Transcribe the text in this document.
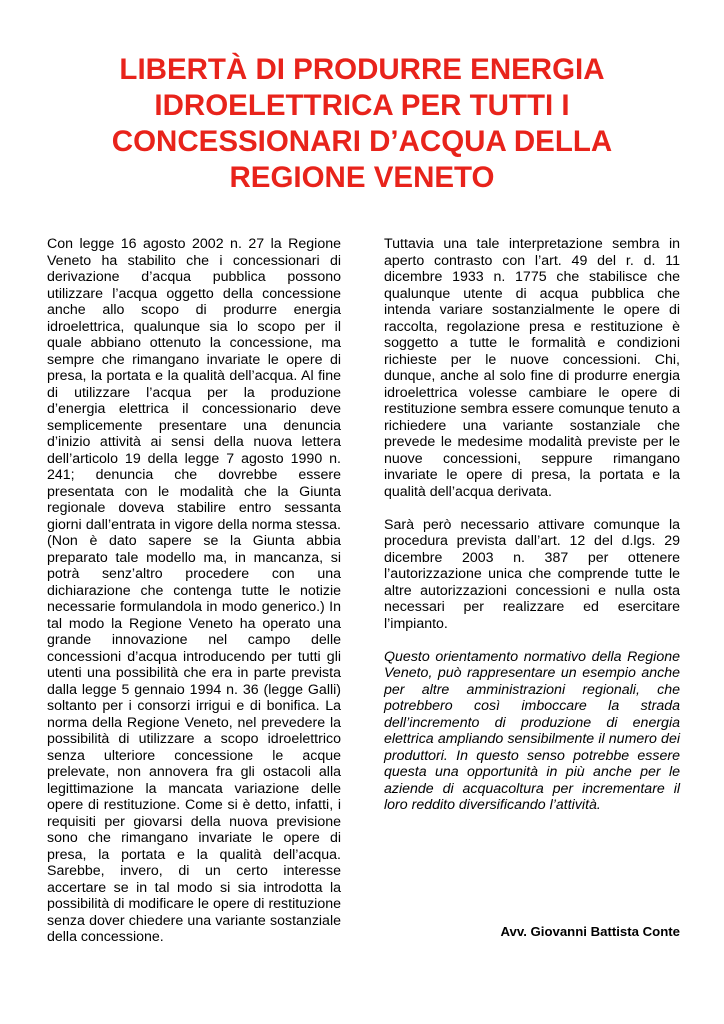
LIBERTÀ DI PRODURRE ENERGIA IDROELETTRICA PER TUTTI I CONCESSIONARI D’ACQUA DELLA REGIONE VENETO

Con legge 16 agosto 2002 n. 27 la Regione Veneto ha stabilito che i concessionari di derivazione d’acqua pubblica possono utilizzare l’acqua oggetto della concessione anche allo scopo di produrre energia idroelettrica, qualunque sia lo scopo per il quale abbiano ottenuto la concessione, ma sempre che rimangano invariate le opere di presa, la portata e la qualità dell’acqua. Al fine di utilizzare l’acqua per la produzione d’energia elettrica il concessionario deve semplicemente presentare una denuncia d’inizio attività ai sensi della nuova lettera dell’articolo 19 della legge 7 agosto 1990 n. 241; denuncia che dovrebbe essere presentata con le modalità che la Giunta regionale doveva stabilire entro sessanta giorni dall’entrata in vigore della norma stessa. (Non è dato sapere se la Giunta abbia preparato tale modello ma, in mancanza, si potrà senz’altro procedere con una dichiarazione che contenga tutte le notizie necessarie formulandola in modo generico.) In tal modo la Regione Veneto ha operato una grande innovazione nel campo delle concessioni d’acqua introducendo per tutti gli utenti una possibilità che era in parte prevista dalla legge 5 gennaio 1994 n. 36 (legge Galli) soltanto per i consorzi irrigui e di bonifica. La norma della Regione Veneto, nel prevedere la possibilità di utilizzare a scopo idroelettrico senza ulteriore concessione le acque prelevate, non annovera fra gli ostacoli alla legittimazione la mancata variazione delle opere di restituzione. Come si è detto, infatti, i requisiti per giovarsi della nuova previsione sono che rimangano invariate le opere di presa, la portata e la qualità dell’acqua. Sarebbe, invero, di un certo interesse accertare se in tal modo si sia introdotta la possibilità di modificare le opere di restituzione senza dover chiedere una variante sostanziale della concessione.

Tuttavia una tale interpretazione sembra in aperto contrasto con l’art. 49 del r. d. 11 dicembre 1933 n. 1775 che stabilisce che qualunque utente di acqua pubblica che intenda variare sostanzialmente le opere di raccolta, regolazione presa e restituzione è soggetto a tutte le formalità e condizioni richieste per le nuove concessioni. Chi, dunque, anche al solo fine di produrre energia idroelettrica volesse cambiare le opere di restituzione sembra essere comunque tenuto a richiedere una variante sostanziale che prevede le medesime modalità previste per le nuove concessioni, seppure rimangano invariate le opere di presa, la portata e la qualità dell’acqua derivata.

Sarà però necessario attivare comunque la procedura prevista dall’art. 12 del d.lgs. 29 dicembre 2003 n. 387 per ottenere l’autorizzazione unica che comprende tutte le altre autorizzazioni concessioni e nulla osta necessari per realizzare ed esercitare l’impianto.

Questo orientamento normativo della Regione Veneto, può rappresentare un esempio anche per altre amministrazioni regionali, che potrebbero così imboccare la strada dell’incremento di produzione di energia elettrica ampliando sensibilmente il numero dei produttori. In questo senso potrebbe essere questa una opportunità in più anche per le aziende di acquacoltura per incrementare il loro reddito diversificando l’attività.

Avv. Giovanni Battista Conte
